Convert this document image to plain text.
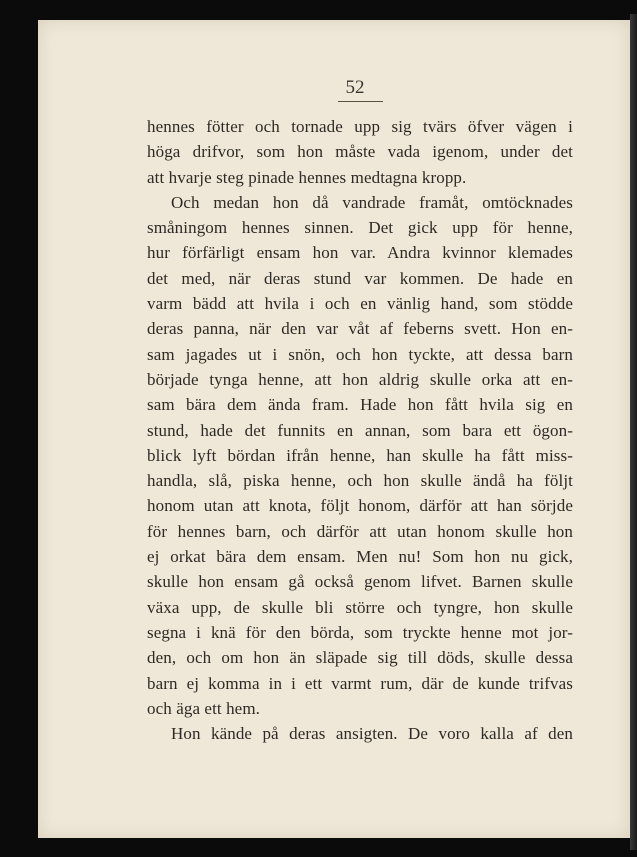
52
hennes fötter och tornade upp sig tvärs öfver vägen i
höga drifvor, som hon måste vada igenom, under det
att hvarje steg pinade hennes medtagna kropp.
Och medan hon då vandrade framåt, omtöcknades
småningom hennes sinnen. Det gick upp för henne,
hur förfärligt ensam hon var. Andra kvinnor klemades
det med, när deras stund var kommen. De hade en
varm bädd att hvila i och en vänlig hand, som stödde
deras panna, när den var våt af feberns svett. Hon en-
sam jagades ut i snön, och hon tyckte, att dessa barn
började tynga henne, att hon aldrig skulle orka att en-
sam bära dem ända fram. Hade hon fått hvila sig en
stund, hade det funnits en annan, som bara ett ögon-
blick lyft bördan ifrån henne, han skulle ha fått miss-
handla, slå, piska henne, och hon skulle ändå ha följt
honom utan att knota, följt honom, därför att han sörjde
för hennes barn, och därför att utan honom skulle hon
ej orkat bära dem ensam. Men nu! Som hon nu gick,
skulle hon ensam gå också genom lifvet. Barnen skulle
växa upp, de skulle bli större och tyngre, hon skulle
segna i knä för den börda, som tryckte henne mot jor-
den, och om hon än släpade sig till döds, skulle dessa
barn ej komma in i ett varmt rum, där de kunde trifvas
och äga ett hem.
Hon kände på deras ansigten. De voro kalla af den
